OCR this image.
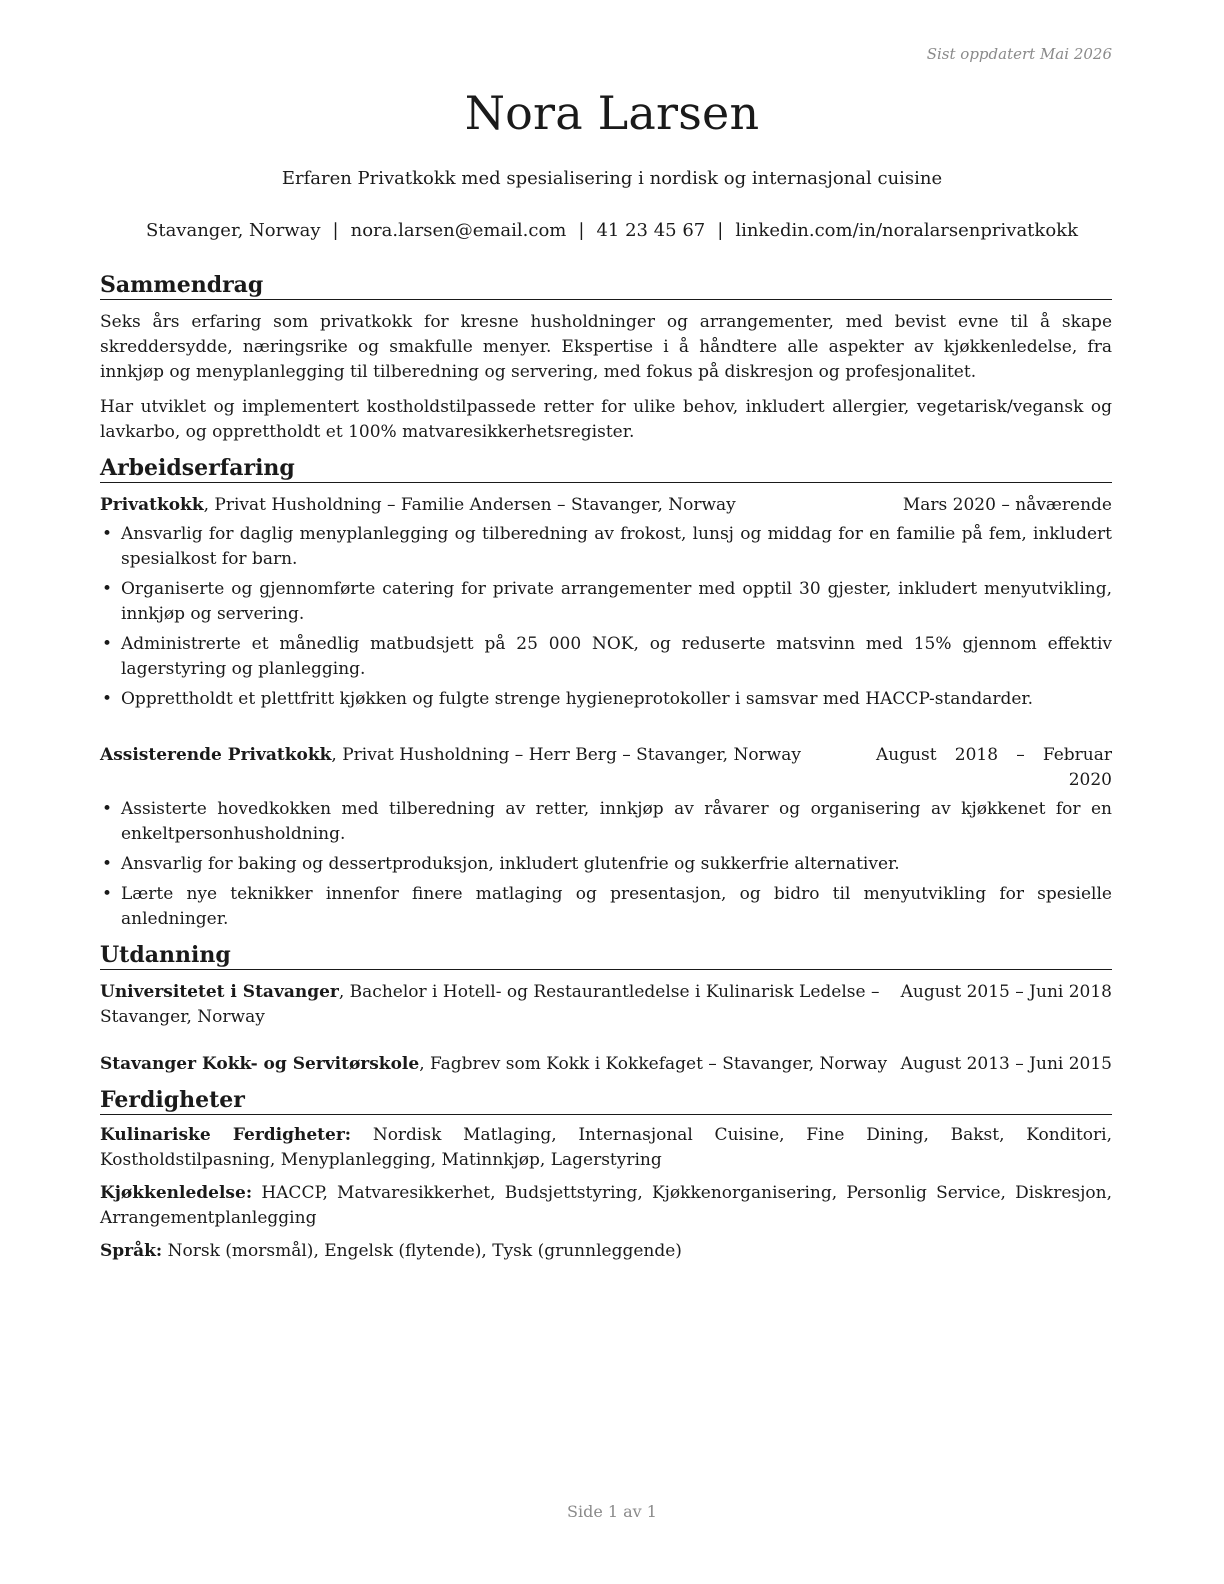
Sist oppdatert Mai 2026
Nora Larsen
Erfaren Privatkokk med spesialisering i nordisk og internasjonal cuisine
Stavanger, Norway | nora.larsen@email.com | 41 23 45 67 | linkedin.com/in/noralarsenprivatkokk
Sammendrag

Seks års erfaring som privatkokk for kresne husholdninger og arrangementer, med bevist evne til å skape skreddersydde, næringsrike og smakfulle menyer. Ekspertise i å håndtere alle aspekter av kjøkkenledelse, fra innkjøp og menyplanlegging til tilberedning og servering, med fokus på diskresjon og profesjonalitet.

Har utviklet og implementert kostholdstilpassede retter for ulike behov, inkludert allergier, vegetarisk/vegansk og lavkarbo, og opprettholdt et 100% matvaresikkerhetsregister.

Arbeidserfaring
Privatkokk, Privat Husholdning – Familie Andersen – Stavanger, Norway	Mars 2020 – nåværende
• Ansvarlig for daglig menyplanlegging og tilberedning av frokost, lunsj og middag for en familie på fem, inkludert spesialkost for barn.
• Organiserte og gjennomførte catering for private arrangementer med opptil 30 gjester, inkludert menyutvikling, innkjøp og servering.
• Administrerte et månedlig matbudsjett på 25 000 NOK, og reduserte matsvinn med 15% gjennom effektiv lagerstyring og planlegging.
• Opprettholdt et plettfritt kjøkken og fulgte strenge hygieneprotokoller i samsvar med HACCP-standarder.
Assisterende Privatkokk, Privat Husholdning – Herr Berg – Stavanger, Norway	August 2018 – Februar 2020
• Assisterte hovedkokken med tilberedning av retter, innkjøp av råvarer og organisering av kjøkkenet for en enkeltpersonhusholdning.
• Ansvarlig for baking og dessertproduksjon, inkludert glutenfrie og sukkerfrie alternativer.
• Lærte nye teknikker innenfor finere matlaging og presentasjon, og bidro til menyutvikling for spesielle anledninger.
Utdanning
Universitetet i Stavanger, Bachelor i Hotell- og Restaurantledelse i Kulinarisk Ledelse – Stavanger, Norway
August 2015 – Juni 2018
Stavanger Kokk- og Servitørskole, Fagbrev som Kokk i Kokkefaget – Stavanger, Norway August 2013 – Juni 2015
Ferdigheter
Kulinariske Ferdigheter: Nordisk Matlaging, Internasjonal Cuisine, Fine Dining, Bakst, Konditori, Kostholdstilpasning, Menyplanlegging, Matinnkjøp, Lagerstyring
Kjøkkenledelse: HACCP, Matvaresikkerhet, Budsjettstyring, Kjøkkenorganisering, Personlig Service, Diskresjon, Arrangementplanlegging
Språk: Norsk (morsmål), Engelsk (flytende), Tysk (grunnleggende)
Side 1 av 1
